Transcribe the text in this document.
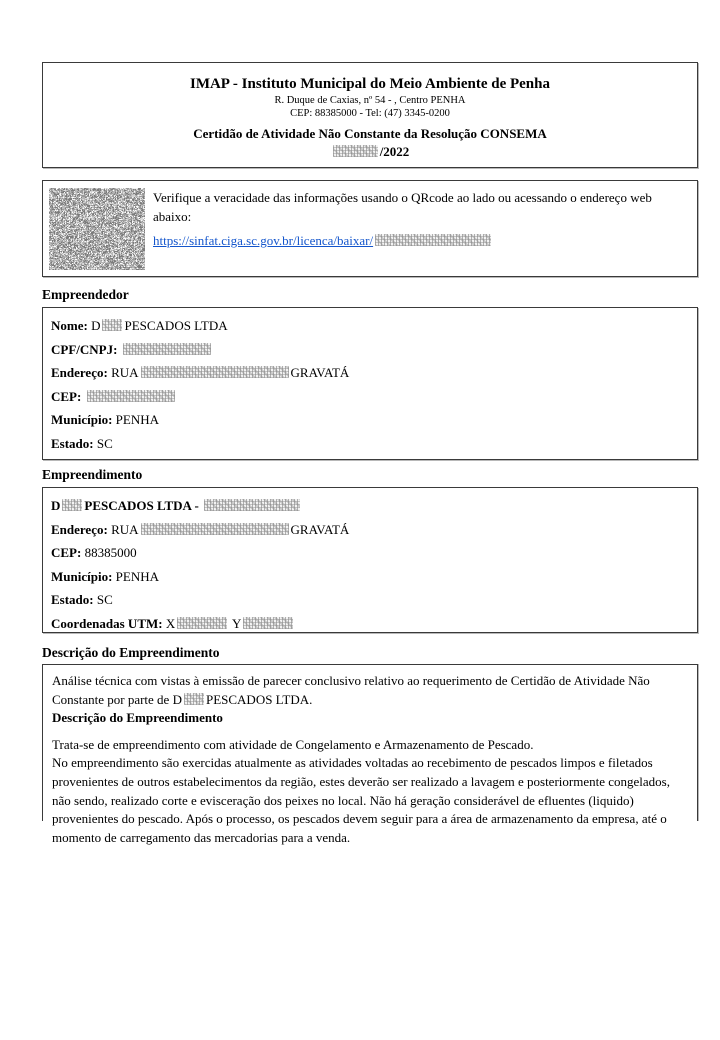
IMAP - Instituto Municipal do Meio Ambiente de Penha
R. Duque de Caxias, nº 54 - , Centro PENHA
CEP: 88385000 - Tel: (47) 3345-0200
Certidão de Atividade Não Constante da Resolução CONSEMA
/2022
Verifique a veracidade das informações usando o QRcode ao lado ou acessando o endereço web abaixo:
https://sinfat.ciga.sc.gov.br/licenca/baixar/
Empreendedor
Nome: D PESCADOS LTDA
CPF/CNPJ:
Endereço: RUA	GRAVATÁ
CEP:
Município: PENHA
Estado: SC
Empreendimento
D PESCADOS LTDA -
Endereço: RUA	GRAVATÁ
CEP: 88385000
Município: PENHA
Estado: SC
Coordenadas UTM: X	Y
Descrição do Empreendimento
Análise técnica com vistas à emissão de parecer conclusivo relativo ao requerimento de Certidão de Atividade Não Constante por parte de D PESCADOS LTDA.
Descrição do Empreendimento
Trata-se de empreendimento com atividade de Congelamento e Armazenamento de Pescado.
No empreendimento são exercidas atualmente as atividades voltadas ao recebimento de pescados limpos e filetados provenientes de outros estabelecimentos da região, estes deverão ser realizado a lavagem e posteriormente congelados, não sendo, realizado corte e evisceração dos peixes no local. Não há geração considerável de efluentes (liquido) provenientes do pescado. Após o processo, os pescados devem seguir para a área de armazenamento da empresa, até o momento de carregamento das mercadorias para a venda.
